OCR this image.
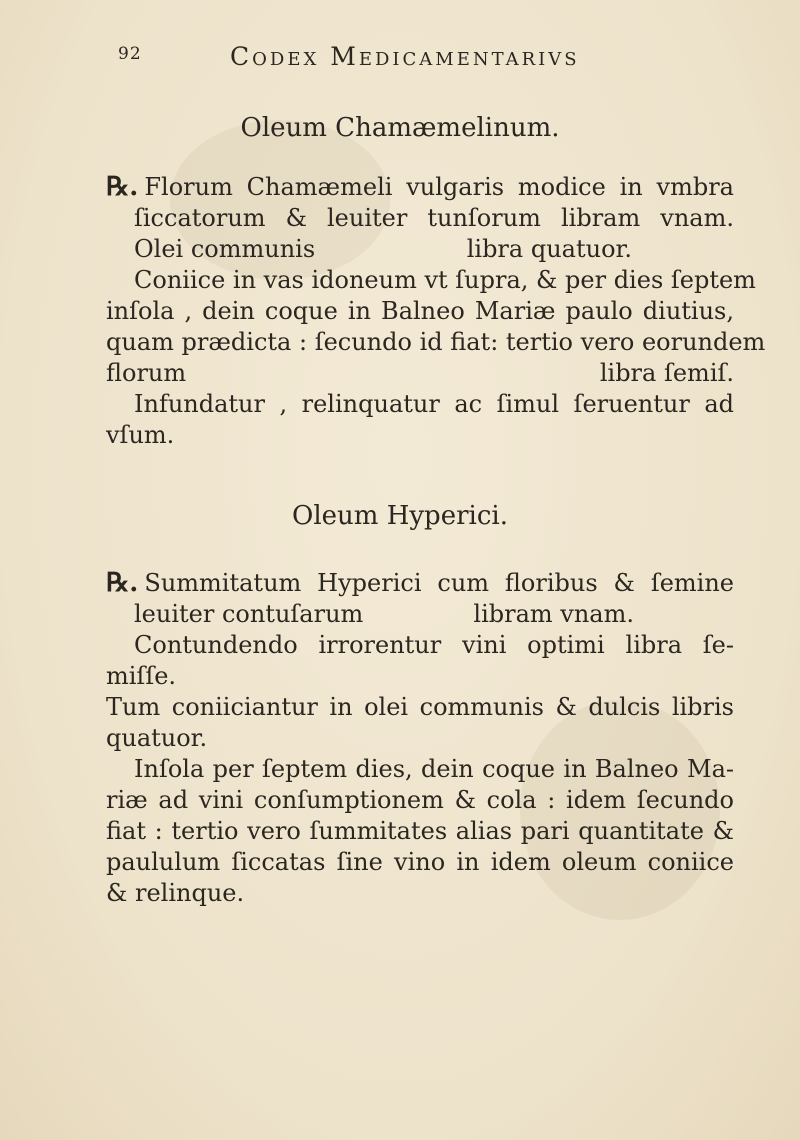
92	Codex Medicamentarivs
Oleum Chamæmelinum.
℞. Florum Chamæmeli vulgaris modice in vmbra
ſiccatorum & leuiter tunſorum libram vnam.
Olei communis	libra quatuor.
Coniice in vas idoneum vt ſupra, & per dies ſeptem
inſola , dein coque in Balneo Mariæ paulo diutius,
quam prædicta : ſecundo id fiat: tertio vero eorundem
florum	libra ſemiſ.
Infundatur , relinquatur ac ſimul ſeruentur ad
vſum.
Oleum Hyperici.
℞. Summitatum Hyperici cum floribus & ſemine
leuiter contuſarum	libram vnam.
Contundendo irrorentur vini optimi libra ſe-
miſſe.
Tum coniiciantur in olei communis & dulcis libris
quatuor.
Inſola per ſeptem dies, dein coque in Balneo Ma-
riæ ad vini conſumptionem & cola : idem ſecundo
fiat : tertio vero ſummitates alias pari quantitate &
paululum ſiccatas ſine vino in idem oleum coniice
& relinque.
